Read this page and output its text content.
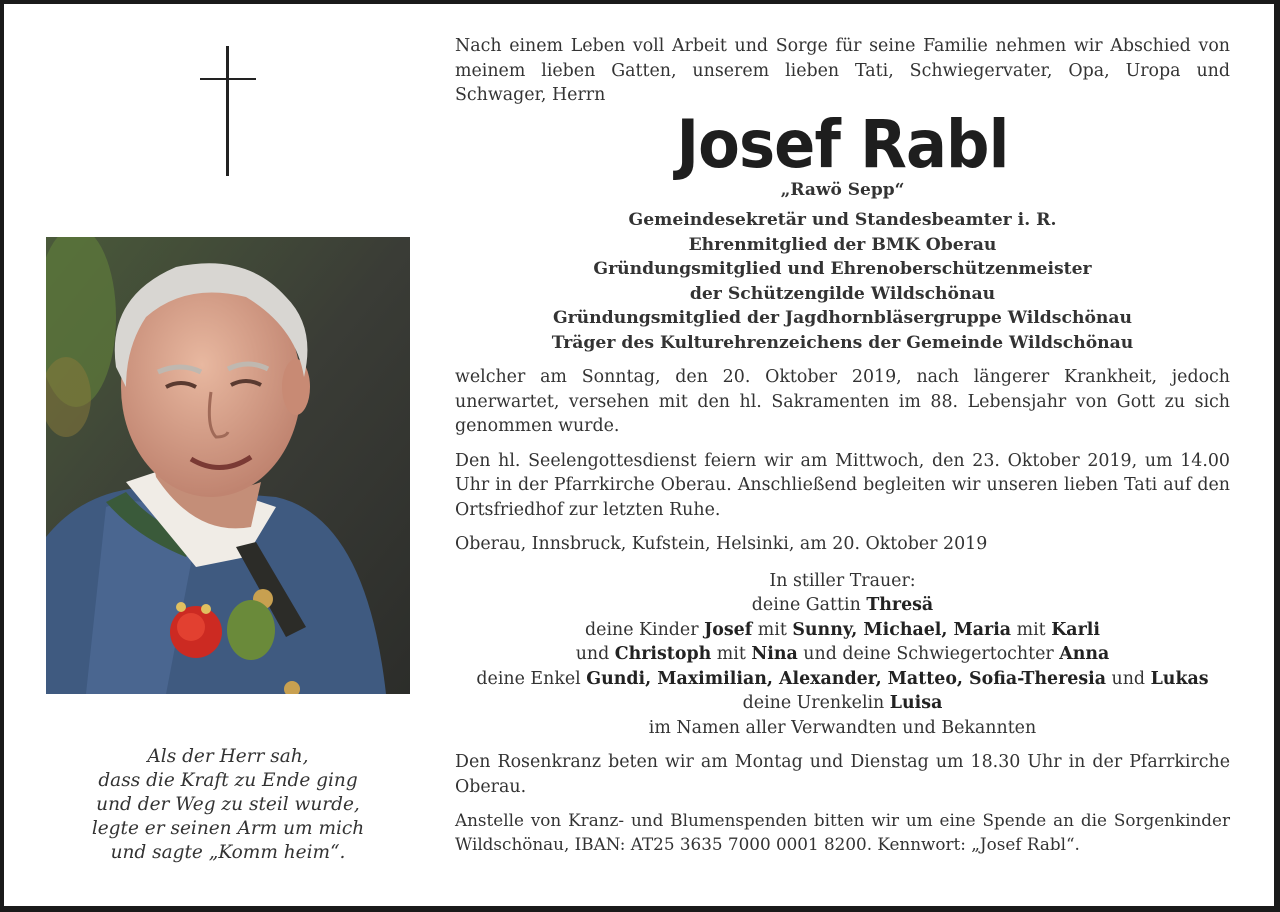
Als der Herr sah,
dass die Kraft zu Ende ging
und der Weg zu steil wurde,
legte er seinen Arm um mich
und sagte „Komm heim“.

Nach einem Leben voll Arbeit und Sorge für seine Familie nehmen wir Abschied von meinem lieben Gatten, unserem lieben Tati, Schwiegervater, Opa, Uropa und Schwager, Herrn

Josef Rabl
„Rawö Sepp“
Gemeindesekretär und Standesbeamter i. R.
Ehrenmitglied der BMK Oberau
Gründungsmitglied und Ehrenoberschützenmeister
der Schützengilde Wildschönau
Gründungsmitglied der Jagdhornbläsergruppe Wildschönau
Träger des Kulturehrenzeichens der Gemeinde Wildschönau

welcher am Sonntag, den 20. Oktober 2019, nach längerer Krankheit, jedoch unerwartet, versehen mit den hl. Sakramenten im 88. Lebensjahr von Gott zu sich genommen wurde.

Den hl. Seelengottesdienst feiern wir am Mittwoch, den 23. Oktober 2019, um 14.00 Uhr in der Pfarrkirche Oberau. Anschließend begleiten wir unseren lieben Tati auf den Ortsfriedhof zur letzten Ruhe.

Oberau, Innsbruck, Kufstein, Helsinki, am 20. Oktober 2019

In stiller Trauer:
deine Gattin Thresä
deine Kinder Josef mit Sunny, Michael, Maria mit Karli
und Christoph mit Nina und deine Schwiegertochter Anna
deine Enkel Gundi, Maximilian, Alexander, Matteo, Sofia-Theresia und Lukas
deine Urenkelin Luisa
im Namen aller Verwandten und Bekannten

Den Rosenkranz beten wir am Montag und Dienstag um 18.30 Uhr in der Pfarrkirche Oberau.

Anstelle von Kranz- und Blumenspenden bitten wir um eine Spende an die Sorgenkinder Wildschönau, IBAN: AT25 3635 7000 0001 8200. Kennwort: „Josef Rabl“.
